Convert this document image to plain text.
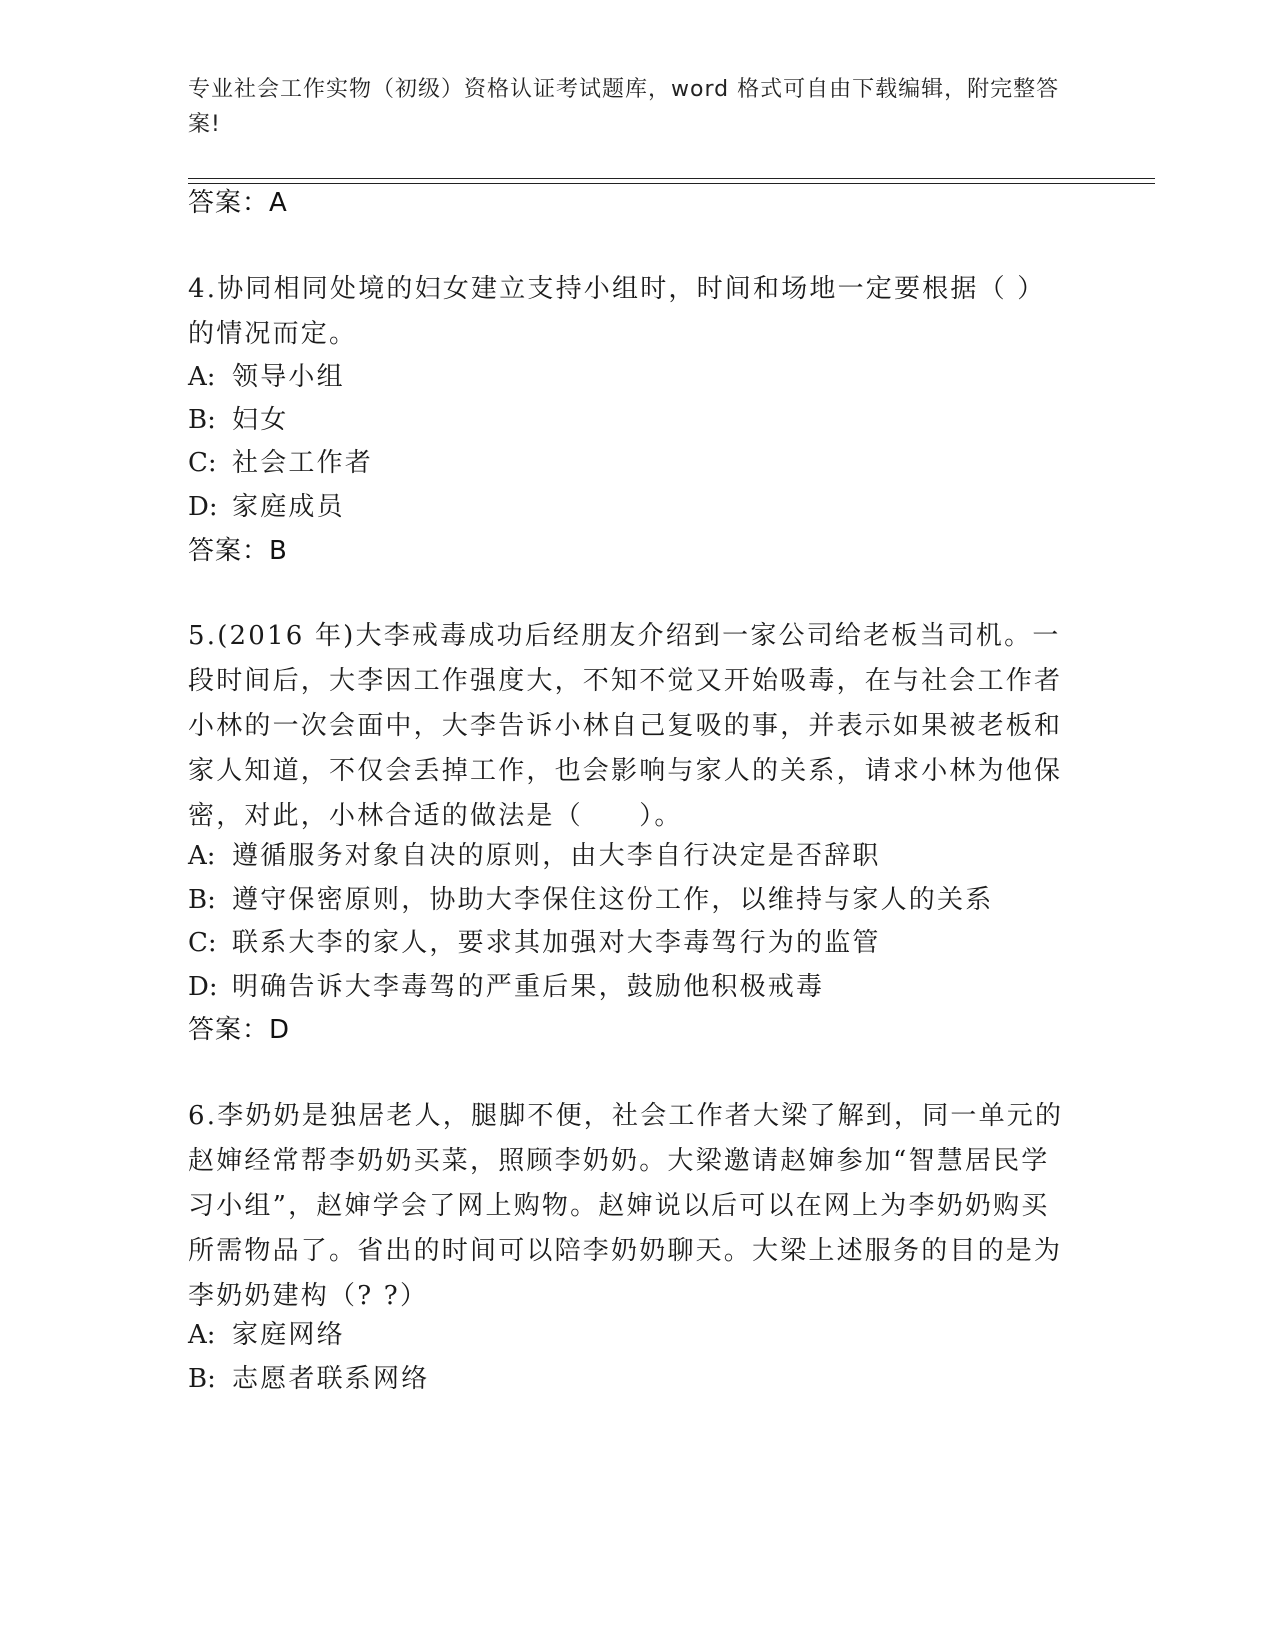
专业社会工作实物（初级）资格认证考试题库，word 格式可自由下载编辑，附完整答案!
答案：A
4.协同相同处境的妇女建立支持小组时，时间和场地一定要根据（ ）的情况而定。
A: 领导小组
B: 妇女
C: 社会工作者
D: 家庭成员
答案：B
5.(2016 年)大李戒毒成功后经朋友介绍到一家公司给老板当司机。一段时间后，大李因工作强度大，不知不觉又开始吸毒，在与社会工作者小林的一次会面中，大李告诉小林自己复吸的事，并表示如果被老板和家人知道，不仅会丢掉工作，也会影响与家人的关系，请求小林为他保密，对此，小林合适的做法是（　　）。
A: 遵循服务对象自决的原则，由大李自行决定是否辞职
B: 遵守保密原则，协助大李保住这份工作，以维持与家人的关系
C: 联系大李的家人，要求其加强对大李毒驾行为的监管
D: 明确告诉大李毒驾的严重后果，鼓励他积极戒毒
答案：D
6.李奶奶是独居老人，腿脚不便，社会工作者大梁了解到，同一单元的赵婶经常帮李奶奶买菜，照顾李奶奶。大梁邀请赵婶参加“智慧居民学习小组”，赵婶学会了网上购物。赵婶说以后可以在网上为李奶奶购买所需物品了。省出的时间可以陪李奶奶聊天。大梁上述服务的目的是为李奶奶建构（? ?）
A: 家庭网络
B: 志愿者联系网络
